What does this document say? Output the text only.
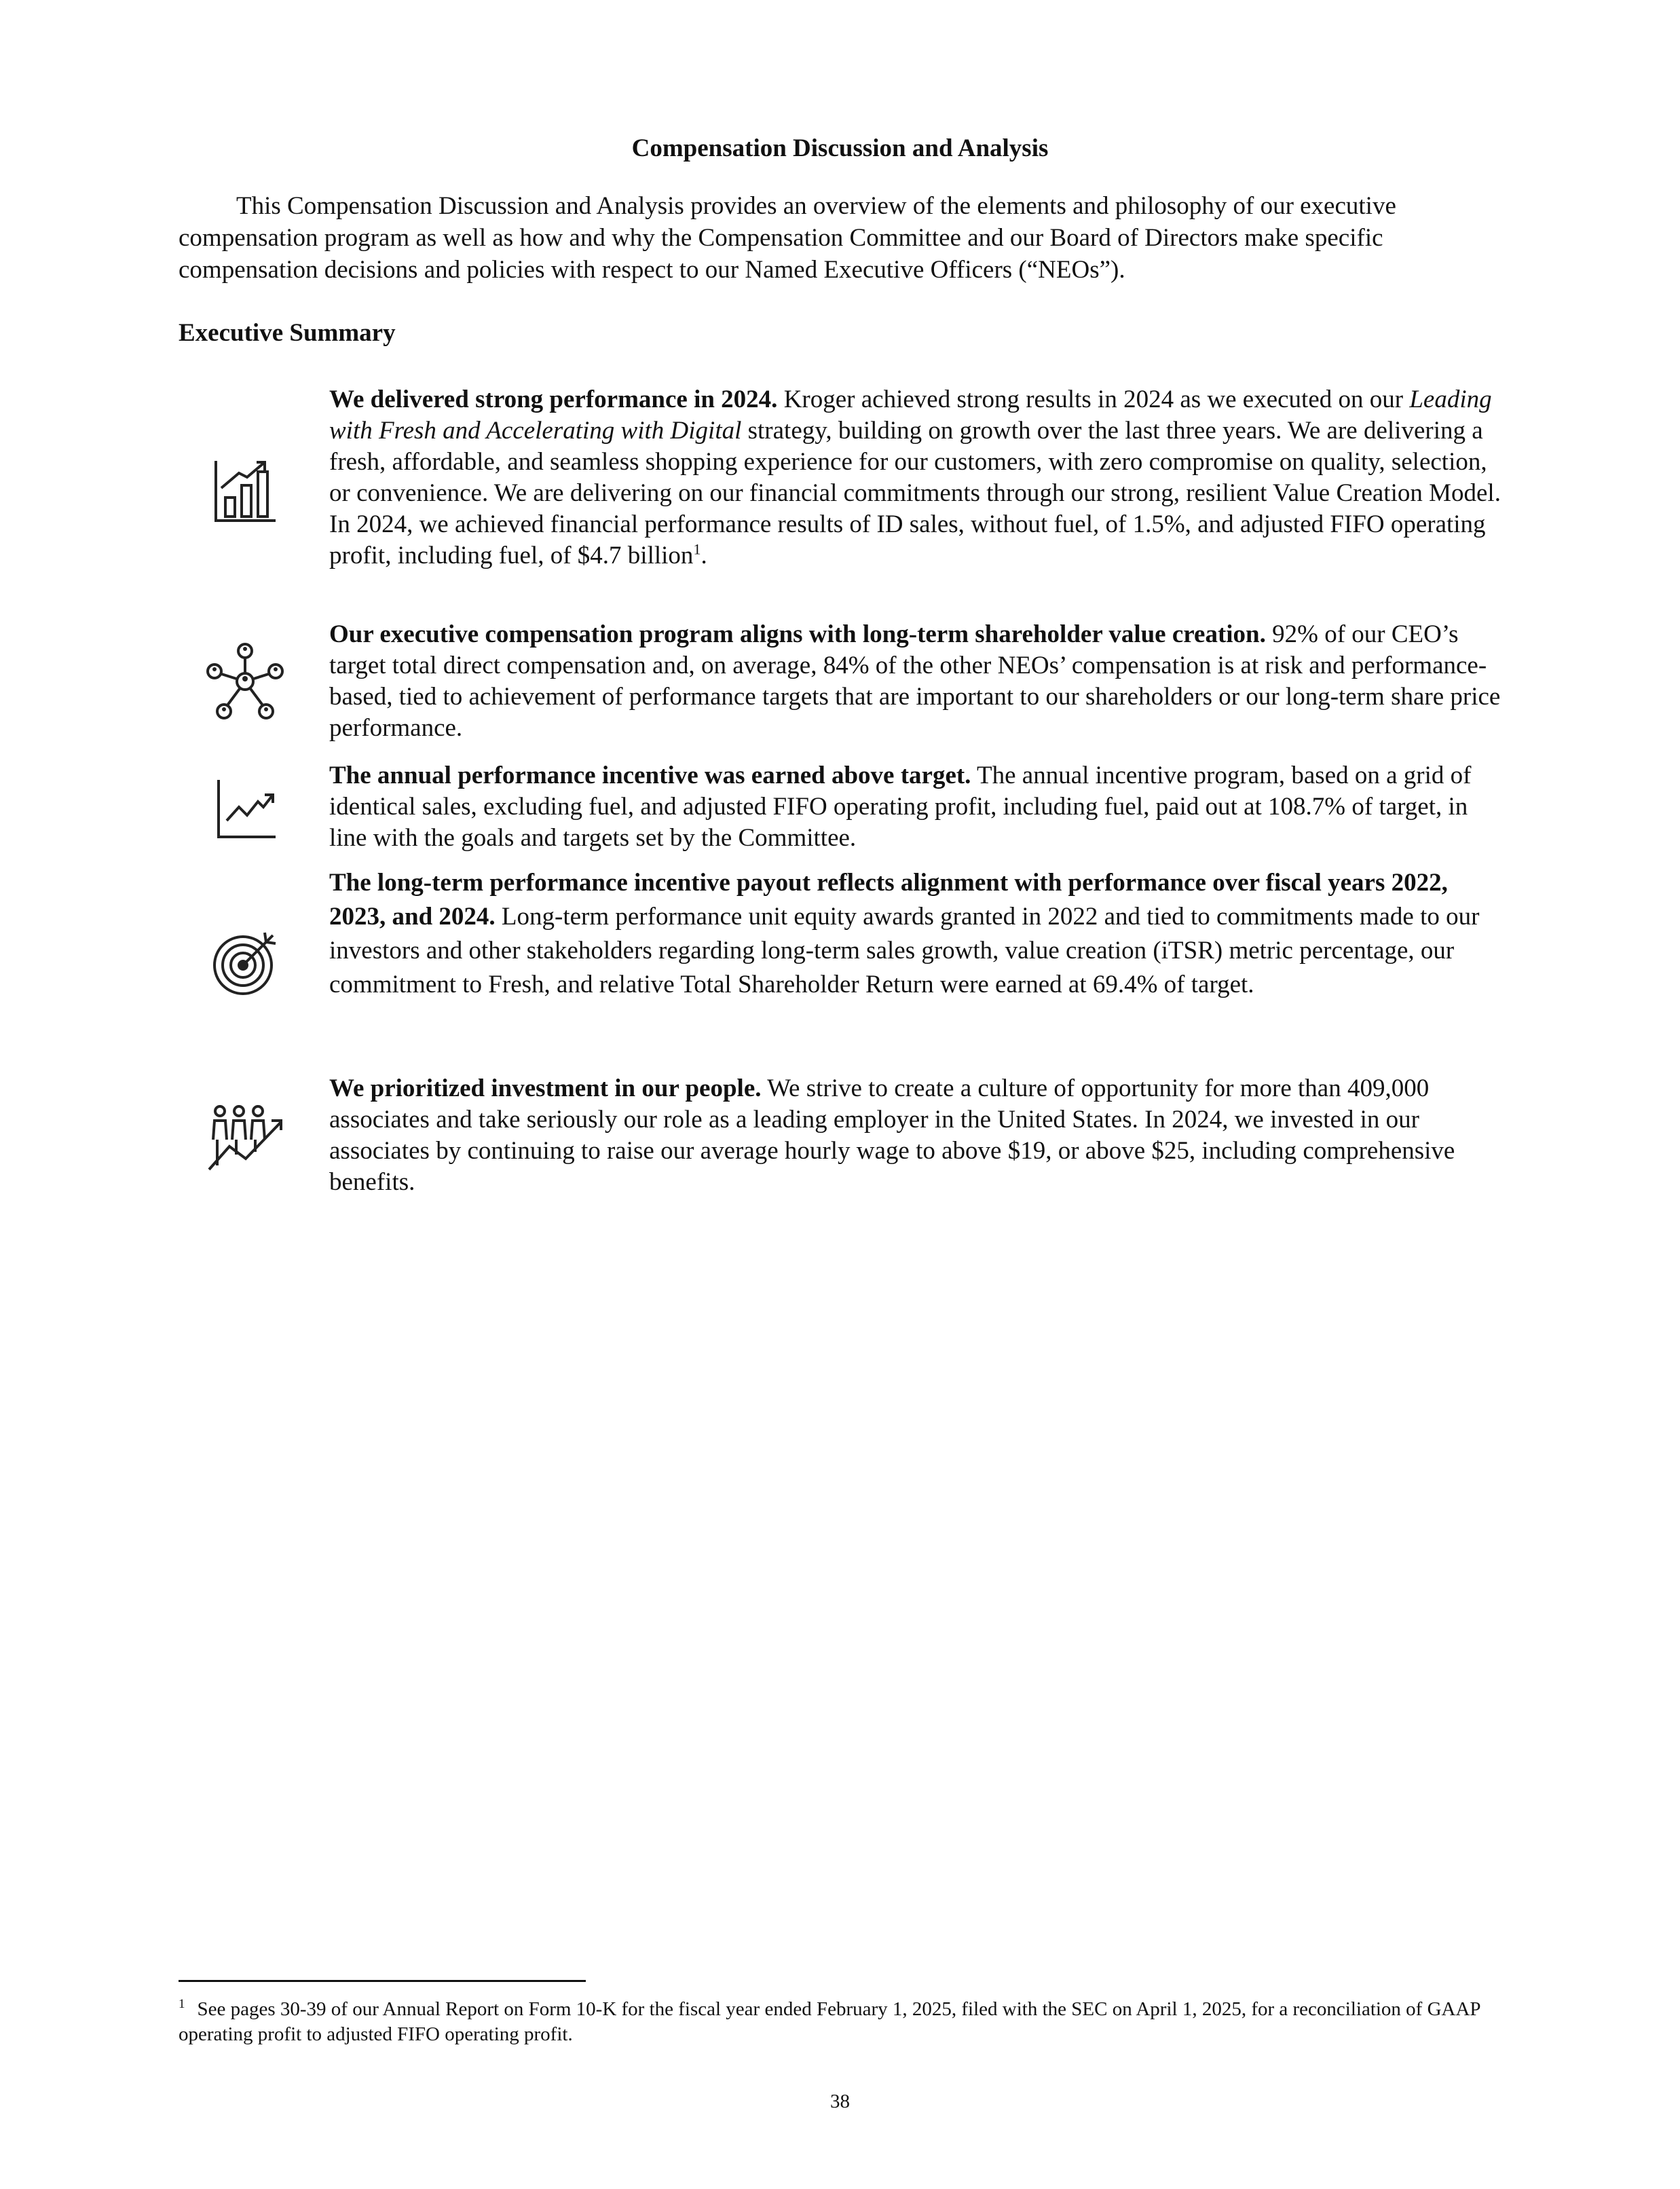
Compensation Discussion and Analysis

This Compensation Discussion and Analysis provides an overview of the elements and philosophy of our executive compensation program as well as how and why the Compensation Committee and our Board of Directors make specific compensation decisions and policies with respect to our Named Executive Officers (“NEOs”).

Executive Summary

We delivered strong performance in 2024. Kroger achieved strong results in 2024 as we executed on our Leading with Fresh and Accelerating with Digital strategy, building on growth over the last three years. We are delivering a fresh, affordable, and seamless shopping experience for our customers, with zero compromise on quality, selection, or convenience. We are delivering on our financial commitments through our strong, resilient Value Creation Model. In 2024, we achieved financial performance results of ID sales, without fuel, of 1.5%, and adjusted FIFO operating profit, including fuel, of $4.7 billion$^1$.

Our executive compensation program aligns with long-term shareholder value creation. 92% of our CEO’s target total direct compensation and, on average, 84% of the other NEOs’ compensation is at risk and performance-based, tied to achievement of performance targets that are important to our shareholders or our long-term share price performance.

The annual performance incentive was earned above target. The annual incentive program, based on a grid of identical sales, excluding fuel, and adjusted FIFO operating profit, including fuel, paid out at 108.7% of target, in line with the goals and targets set by the Committee.

The long-term performance incentive payout reflects alignment with performance over fiscal years 2022, 2023, and 2024. Long-term performance unit equity awards granted in 2022 and tied to commitments made to our investors and other stakeholders regarding long-term sales growth, value creation (iTSR) metric percentage, our commitment to Fresh, and relative Total Shareholder Return were earned at 69.4% of target.

We prioritized investment in our people. We strive to create a culture of opportunity for more than 409,000 associates and take seriously our role as a leading employer in the United States. In 2024, we invested in our associates by continuing to raise our average hourly wage to above $19, or above $25, including comprehensive benefits.

$^1$ See pages 30-39 of our Annual Report on Form 10-K for the fiscal year ended February 1, 2025, filed with the SEC on April 1, 2025, for a reconciliation of GAAP operating profit to adjusted FIFO operating profit.

38
